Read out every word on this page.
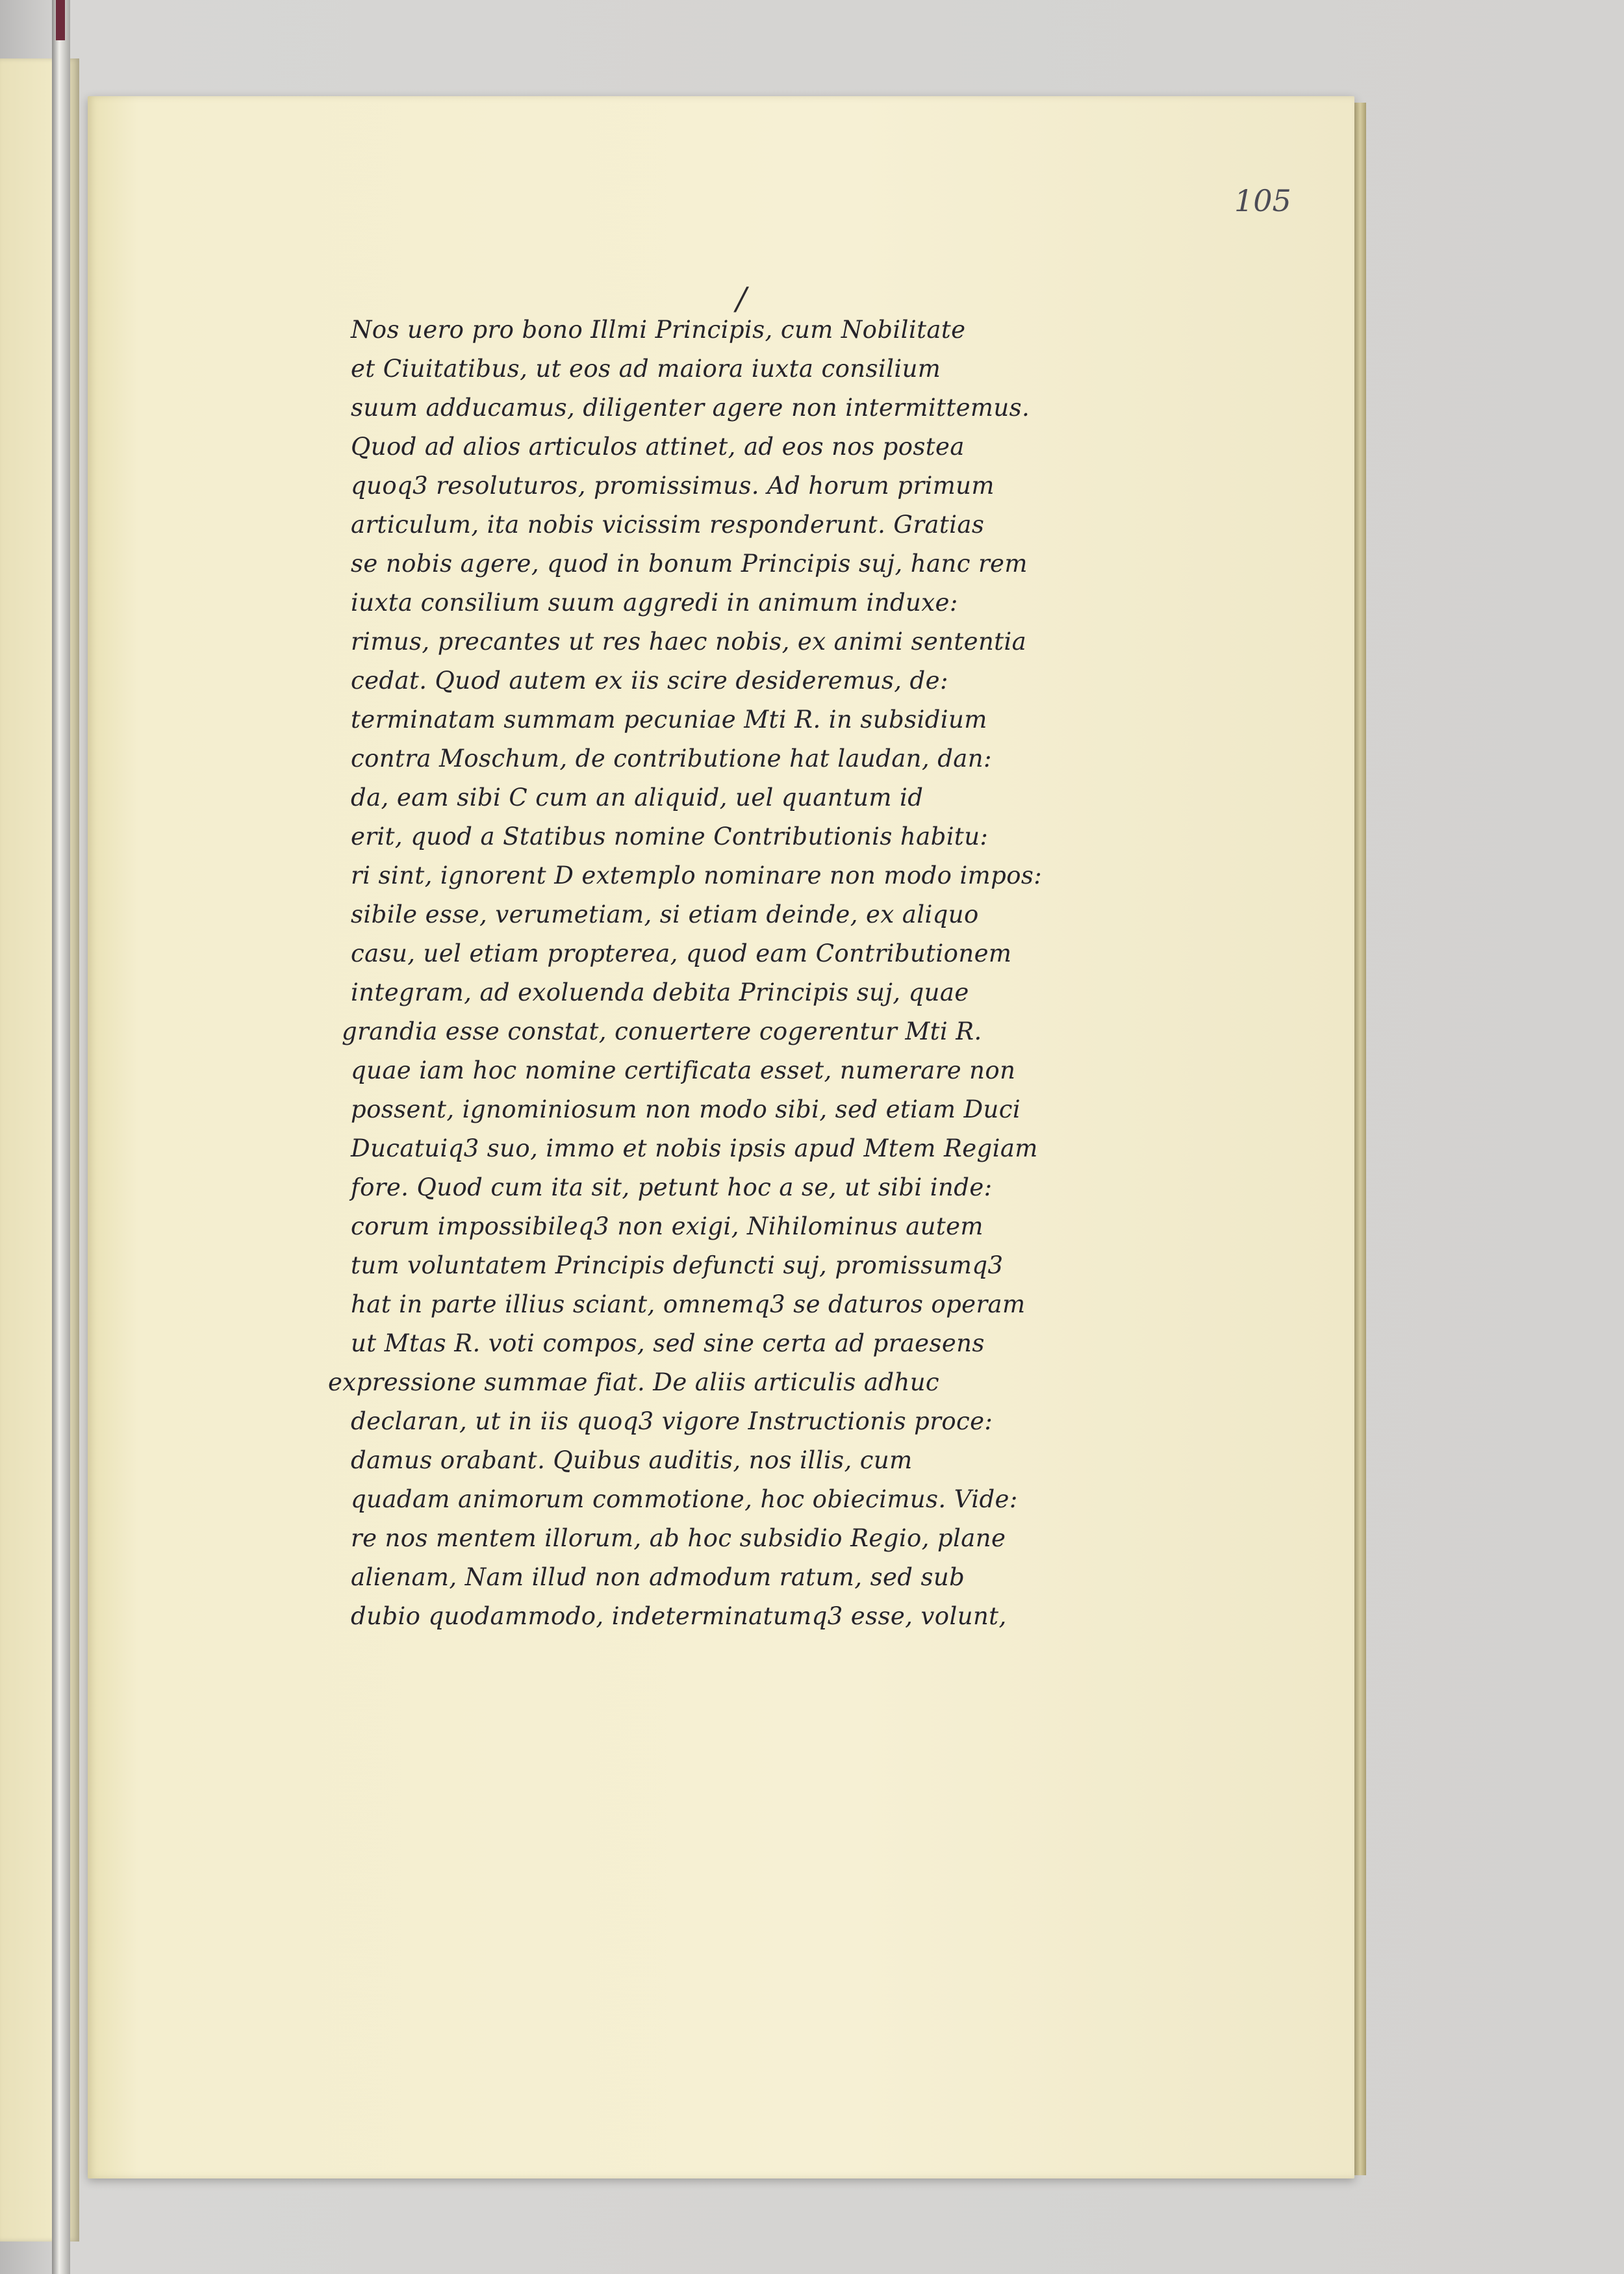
105
/
Nos uero pro bono Illmi Principis, cum Nobilitate
et Ciuitatibus, ut eos ad maiora iuxta consilium
suum adducamus, diligenter agere non intermittemus.
Quod ad alios articulos attinet, ad eos nos postea
quoq3 resoluturos, promissimus. Ad horum primum
articulum, ita nobis vicissim responderunt. Gratias
se nobis agere, quod in bonum Principis suj, hanc rem
iuxta consilium suum aggredi in animum induxe:
rimus, precantes ut res haec nobis, ex animi sententia
cedat. Quod autem ex iis scire desideremus, de:
terminatam summam pecuniae Mti R. in subsidium
contra Moschum, de contributione hat laudan, dan:
da, eam sibi C cum an aliquid, uel quantum id
erit, quod a Statibus nomine Contributionis habitu:
ri sint, ignorent D extemplo nominare non modo impos:
sibile esse, verumetiam, si etiam deinde, ex aliquo
casu, uel etiam propterea, quod eam Contributionem
integram, ad exoluenda debita Principis suj, quae
grandia esse constat, conuertere cogerentur Mti R.
quae iam hoc nomine certificata esset, numerare non
possent, ignominiosum non modo sibi, sed etiam Duci
Ducatuiq3 suo, immo et nobis ipsis apud Mtem Regiam
fore. Quod cum ita sit, petunt hoc a se, ut sibi inde:
corum impossibileq3 non exigi, Nihilominus autem
tum voluntatem Principis defuncti suj, promissumq3
hat in parte illius sciant, omnemq3 se daturos operam
ut Mtas R. voti compos, sed sine certa ad praesens
expressione summae fiat. De aliis articulis adhuc
declaran, ut in iis quoq3 vigore Instructionis proce:
damus orabant. Quibus auditis, nos illis, cum
quadam animorum commotione, hoc obiecimus. Vide:
re nos mentem illorum, ab hoc subsidio Regio, plane
alienam, Nam illud non admodum ratum, sed sub
dubio quodammodo, indeterminatumq3 esse, volunt,
